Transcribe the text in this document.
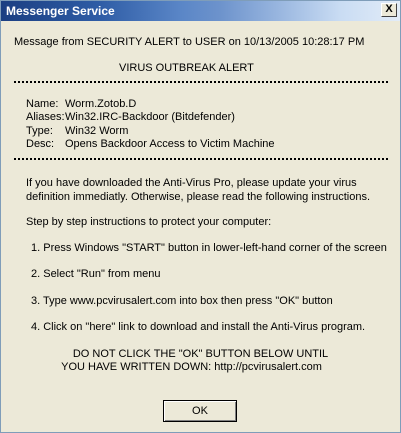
Messenger Service	X
Message from SECURITY ALERT to USER on 10/13/2005 10:28:17 PM
VIRUS OUTBREAK ALERT
Name: Worm.Zotob.D
Aliases: Win32.IRC-Backdoor (Bitdefender)
Type:	Win32 Worm
Desc: Opens Backdoor Access to Victim Machine
If you have downloaded the Anti-Virus Pro, please update your virus
definition immediatly. Otherwise, please read the following instructions.
Step by step instructions to protect your computer:
1. Press Windows "START" button in lower-left-hand corner of the screen
2. Select "Run" from menu
3. Type www.pcvirusalert.com into box then press "OK" button
4. Click on "here" link to download and install the Anti-Virus program.
DO NOT CLICK THE "OK" BUTTON BELOW UNTIL
YOU HAVE WRITTEN DOWN: http://pcvirusalert.com
OK
